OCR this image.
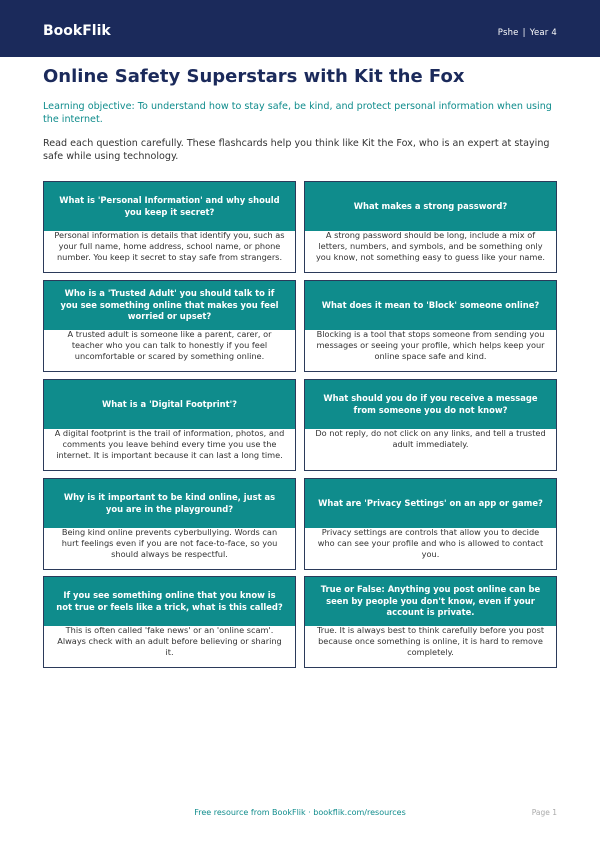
BookFlik	Pshe | Year 4
Online Safety Superstars with Kit the Fox

Learning objective: To understand how to stay safe, be kind, and protect personal information when using the internet.

Read each question carefully. These flashcards help you think like Kit the Fox, who is an expert at staying safe while using technology.

What is 'Personal Information' and why should you keep it secret?
Personal information is details that identify you, such as your full name, home address, school name, or phone number. You keep it secret to stay safe from strangers.
What makes a strong password?
A strong password should be long, include a mix of letters, numbers, and symbols, and be something only you know, not something easy to guess like your name.
Who is a 'Trusted Adult' you should talk to if you see something online that makes you feel worried or upset?
A trusted adult is someone like a parent, carer, or teacher who you can talk to honestly if you feel uncomfortable or scared by something online.
What does it mean to 'Block' someone online?
Blocking is a tool that stops someone from sending you messages or seeing your profile, which helps keep your online space safe and kind.
What is a 'Digital Footprint'?
A digital footprint is the trail of information, photos, and comments you leave behind every time you use the internet. It is important because it can last a long time.
What should you do if you receive a message from someone you do not know?
Do not reply, do not click on any links, and tell a trusted adult immediately.
Why is it important to be kind online, just as you are in the playground?
Being kind online prevents cyberbullying. Words can hurt feelings even if you are not face-to-face, so you should always be respectful.
What are 'Privacy Settings' on an app or game?
Privacy settings are controls that allow you to decide who can see your profile and who is allowed to contact you.
If you see something online that you know is not true or feels like a trick, what is this called?
This is often called 'fake news' or an 'online scam'. Always check with an adult before believing or sharing it.
True or False: Anything you post online can be seen by people you don't know, even if your account is private.
True. It is always best to think carefully before you post because once something is online, it is hard to remove completely.
Free resource from BookFlik · bookflik.com/resources	Page 1
